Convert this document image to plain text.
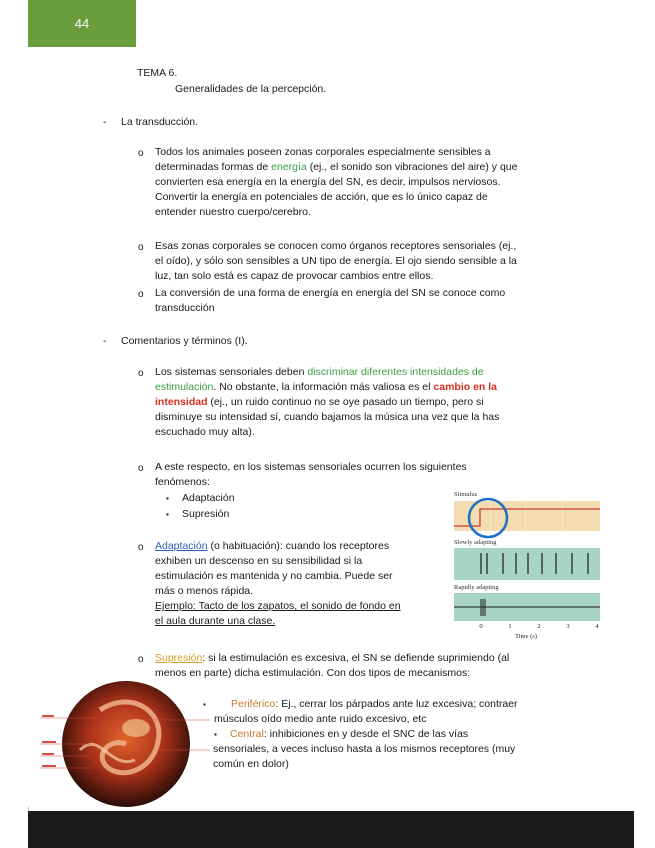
44
TEMA 6.
Generalidades de la percepción.
- La transducción.
o Todos los animales poseen zonas corporales especialmente sensibles a
determinadas formas de energía (ej., el sonido son vibraciones del aire) y que
convierten esa energía en la energía del SN, es decir, impulsos nerviosos.
Convertir la energía en potenciales de acción, que es lo único capaz de
entender nuestro cuerpo/cerebro.
o Esas zonas corporales se conocen como órganos receptores sensoriales (ej.,
el oído), y sólo son sensibles a UN tipo de energía. El ojo siendo sensible a la
luz, tan solo está es capaz de provocar cambios entre ellos.
o La conversión de una forma de energía en energía del SN se conoce como
transducción
- Comentarios y términos (I).
o Los sistemas sensoriales deben discriminar diferentes intensidades de
estimulación. No obstante, la información más valiosa es el cambio en la
intensidad (ej., un ruido continuo no se oye pasado un tiempo, pero si
disminuye su intensidad sí, cuando bajamos la música una vez que la has
escuchado muy alta).
o A este respecto, en los sistemas sensoriales ocurren los siguientes
fenómenos:
▪ Adaptación
▪ Supresión
o Adaptación (o habituación): cuando los receptores
exhiben un descenso en su sensibilidad si la
estimulación es mantenida y no cambia. Puede ser
más o menos rápida.
Ejemplo: Tacto de los zapatos, el sonido de fondo en
el aula durante una clase.
Stimulus
Slowly adapting
Rapidly adapting
0	1	2	3	4
Time (s)
o Supresión: si la estimulación es excesiva, el SN se defiende suprimiendo (al
menos en parte) dicha estimulación. Con dos tipos de mecanismos:
▪	Periférico: Ej., cerrar los párpados ante luz excesiva; contraer
músculos oído medio ante ruido excesivo, etc
▪	Central: inhibiciones en y desde el SNC de las vías
sensoriales, a veces incluso hasta a los mismos receptores (muy
común en dolor)
